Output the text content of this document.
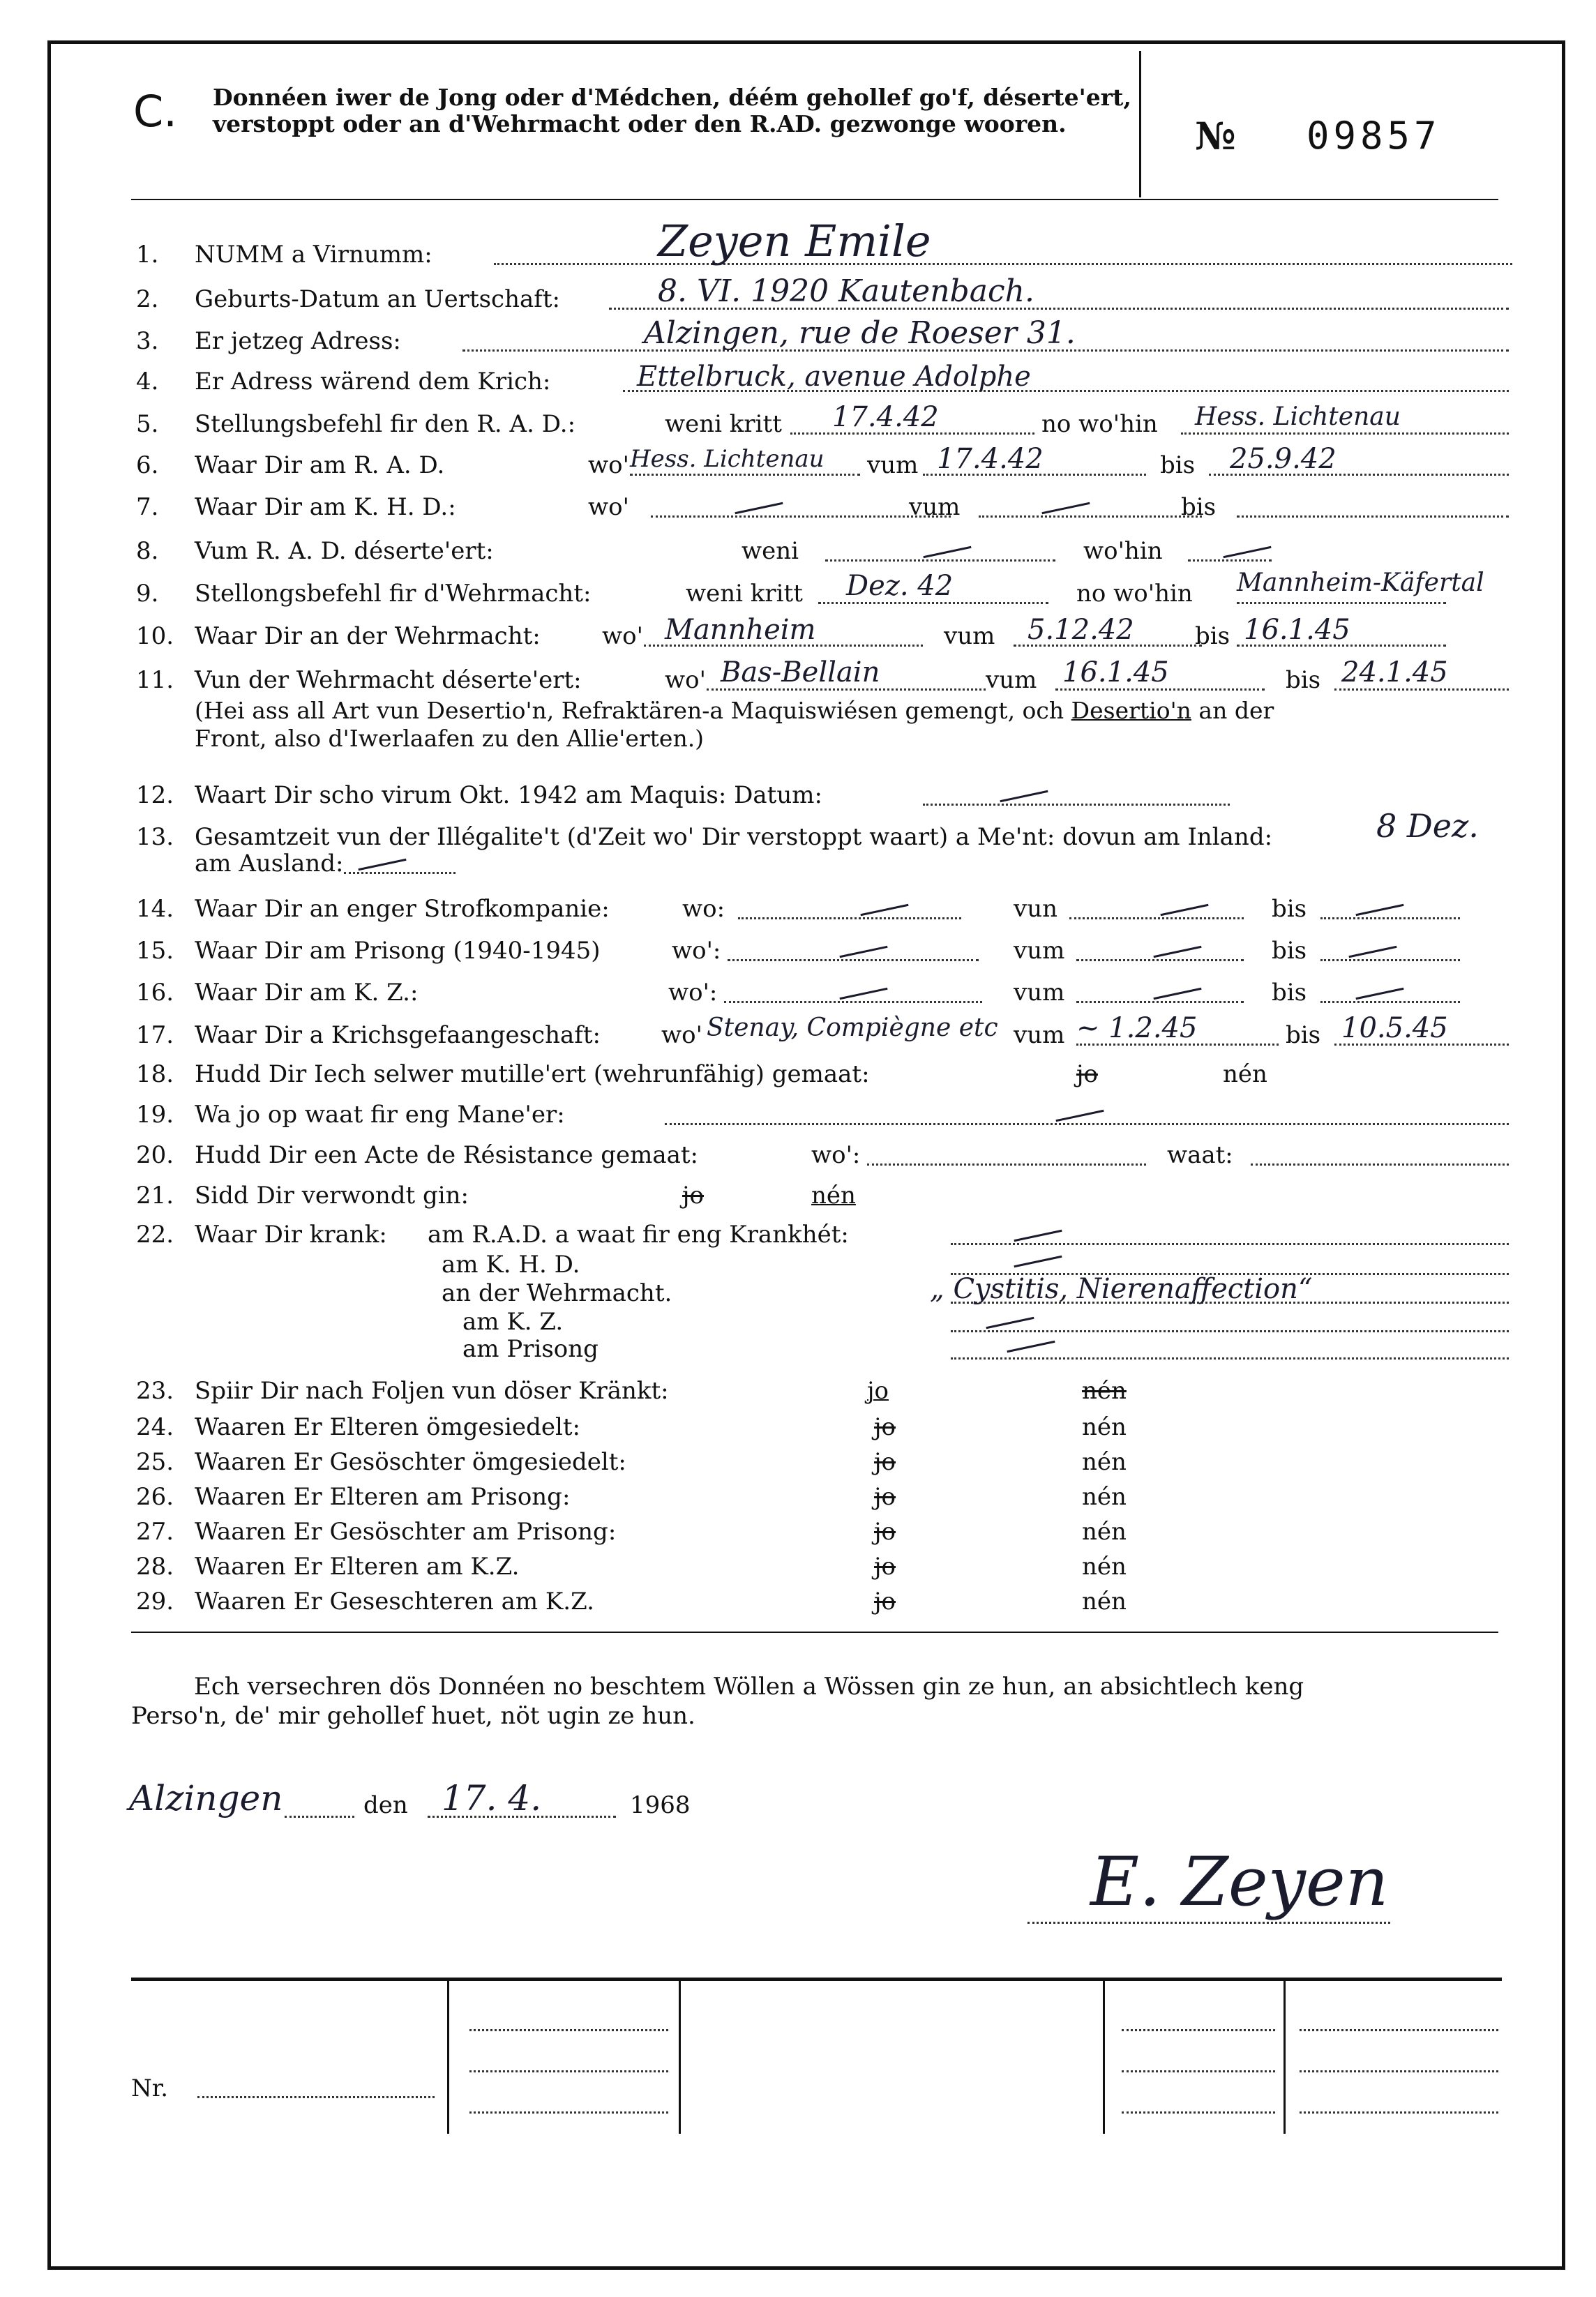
C. Donnéen iwer de Jong oder d'Médchen, déém gehollef go'f, déserte'ert, verstoppt oder an d'Wehrmacht oder den R.AD. gezwonge wooren.	№ 09857
1. NUMM a Virnumm:	Zeyen Emile
2. Geburts-Datum an Uertschaft:	8. VI. 1920 Kautenbach.
3. Er jetzeg Adress:	Alzingen, rue de Roeser 31.
4. Er Adress wärend dem Krich:	Ettelbruck, avenue Adolphe
5. Stellungsbefehl fir den R. A. D.:	weni kritt 17.4.42	no wo'hin Hess. Lichtenau
6. Waar Dir am R. A. D.	wo' Hess. Lichtenau vum 17.4.42	bis 25.9.42
7. Waar Dir am K. H. D.:	wo'	vum	bis
8. Vum R. A. D. déserte'ert:	weni	wo'hin
9. Stellongsbefehl fir d'Wehrmacht:	weni kritt Dez. 42	no wo'hin Mannheim-Käfertal
10. Waar Dir an der Wehrmacht:	wo' Mannheim	vum 5.12.42	bis 16.1.45
11. Vun der Wehrmacht déserte'ert:	wo' Bas-Bellain	vum 16.1.45	bis 24.1.45
(Hei ass all Art vun Desertio'n, Refraktären-a Maquiswiésen gemengt, och Desertio'n an der
Front, also d'Iwerlaafen zu den Allie'erten.)
12. Waart Dir scho virum Okt. 1942 am Maquis: Datum:
13. Gesamtzeit vun der Illégalite't (d'Zeit wo' Dir verstoppt waart) a Me'nt: dovun am Inland:	8 Dez.
am Ausland:
14. Waar Dir an enger Strofkompanie:	wo:	vun	bis
15. Waar Dir am Prisong (1940-1945)	wo':	vum	bis
16. Waar Dir am K. Z.:	wo':	vum	bis
17. Waar Dir a Krichsgefaangeschaft:	wo' Stenay, Compiègne etc vum ~ 1.2.45	bis 10.5.45
18. Hudd Dir Iech selwer mutille'ert (wehrunfähig) gemaat:	jo	nén
19. Wa jo op waat fir eng Mane'er:
20. Hudd Dir een Acte de Résistance gemaat:	wo':	waat:
21. Sidd Dir verwondt gin:	jo	nén
22. Waar Dir krank: am R.A.D. a waat fir eng Krankhét:
am K. H. D.
an der Wehrmacht.	„ Cystitis, Nierenaffection“
am K. Z.
am Prisong
23. Spiir Dir nach Foljen vun döser Kränkt:	jo	nén
24. Waaren Er Elteren ömgesiedelt:	jo	nén
25. Waaren Er Gesöschter ömgesiedelt:	jo	nén
26. Waaren Er Elteren am Prisong:	jo	nén
27. Waaren Er Gesöschter am Prisong:	jo	nén
28. Waaren Er Elteren am K.Z.	jo	nén
29. Waaren Er Geseschteren am K.Z.	jo	nén
Ech versechren dös Donnéen no beschtem Wöllen a Wössen gin ze hun, an absichtlech keng
Perso'n, de' mir gehollef huet, nöt ugin ze hun.
Alzingen	den 17. 4.	1968
E. Zeyen
Nr.
